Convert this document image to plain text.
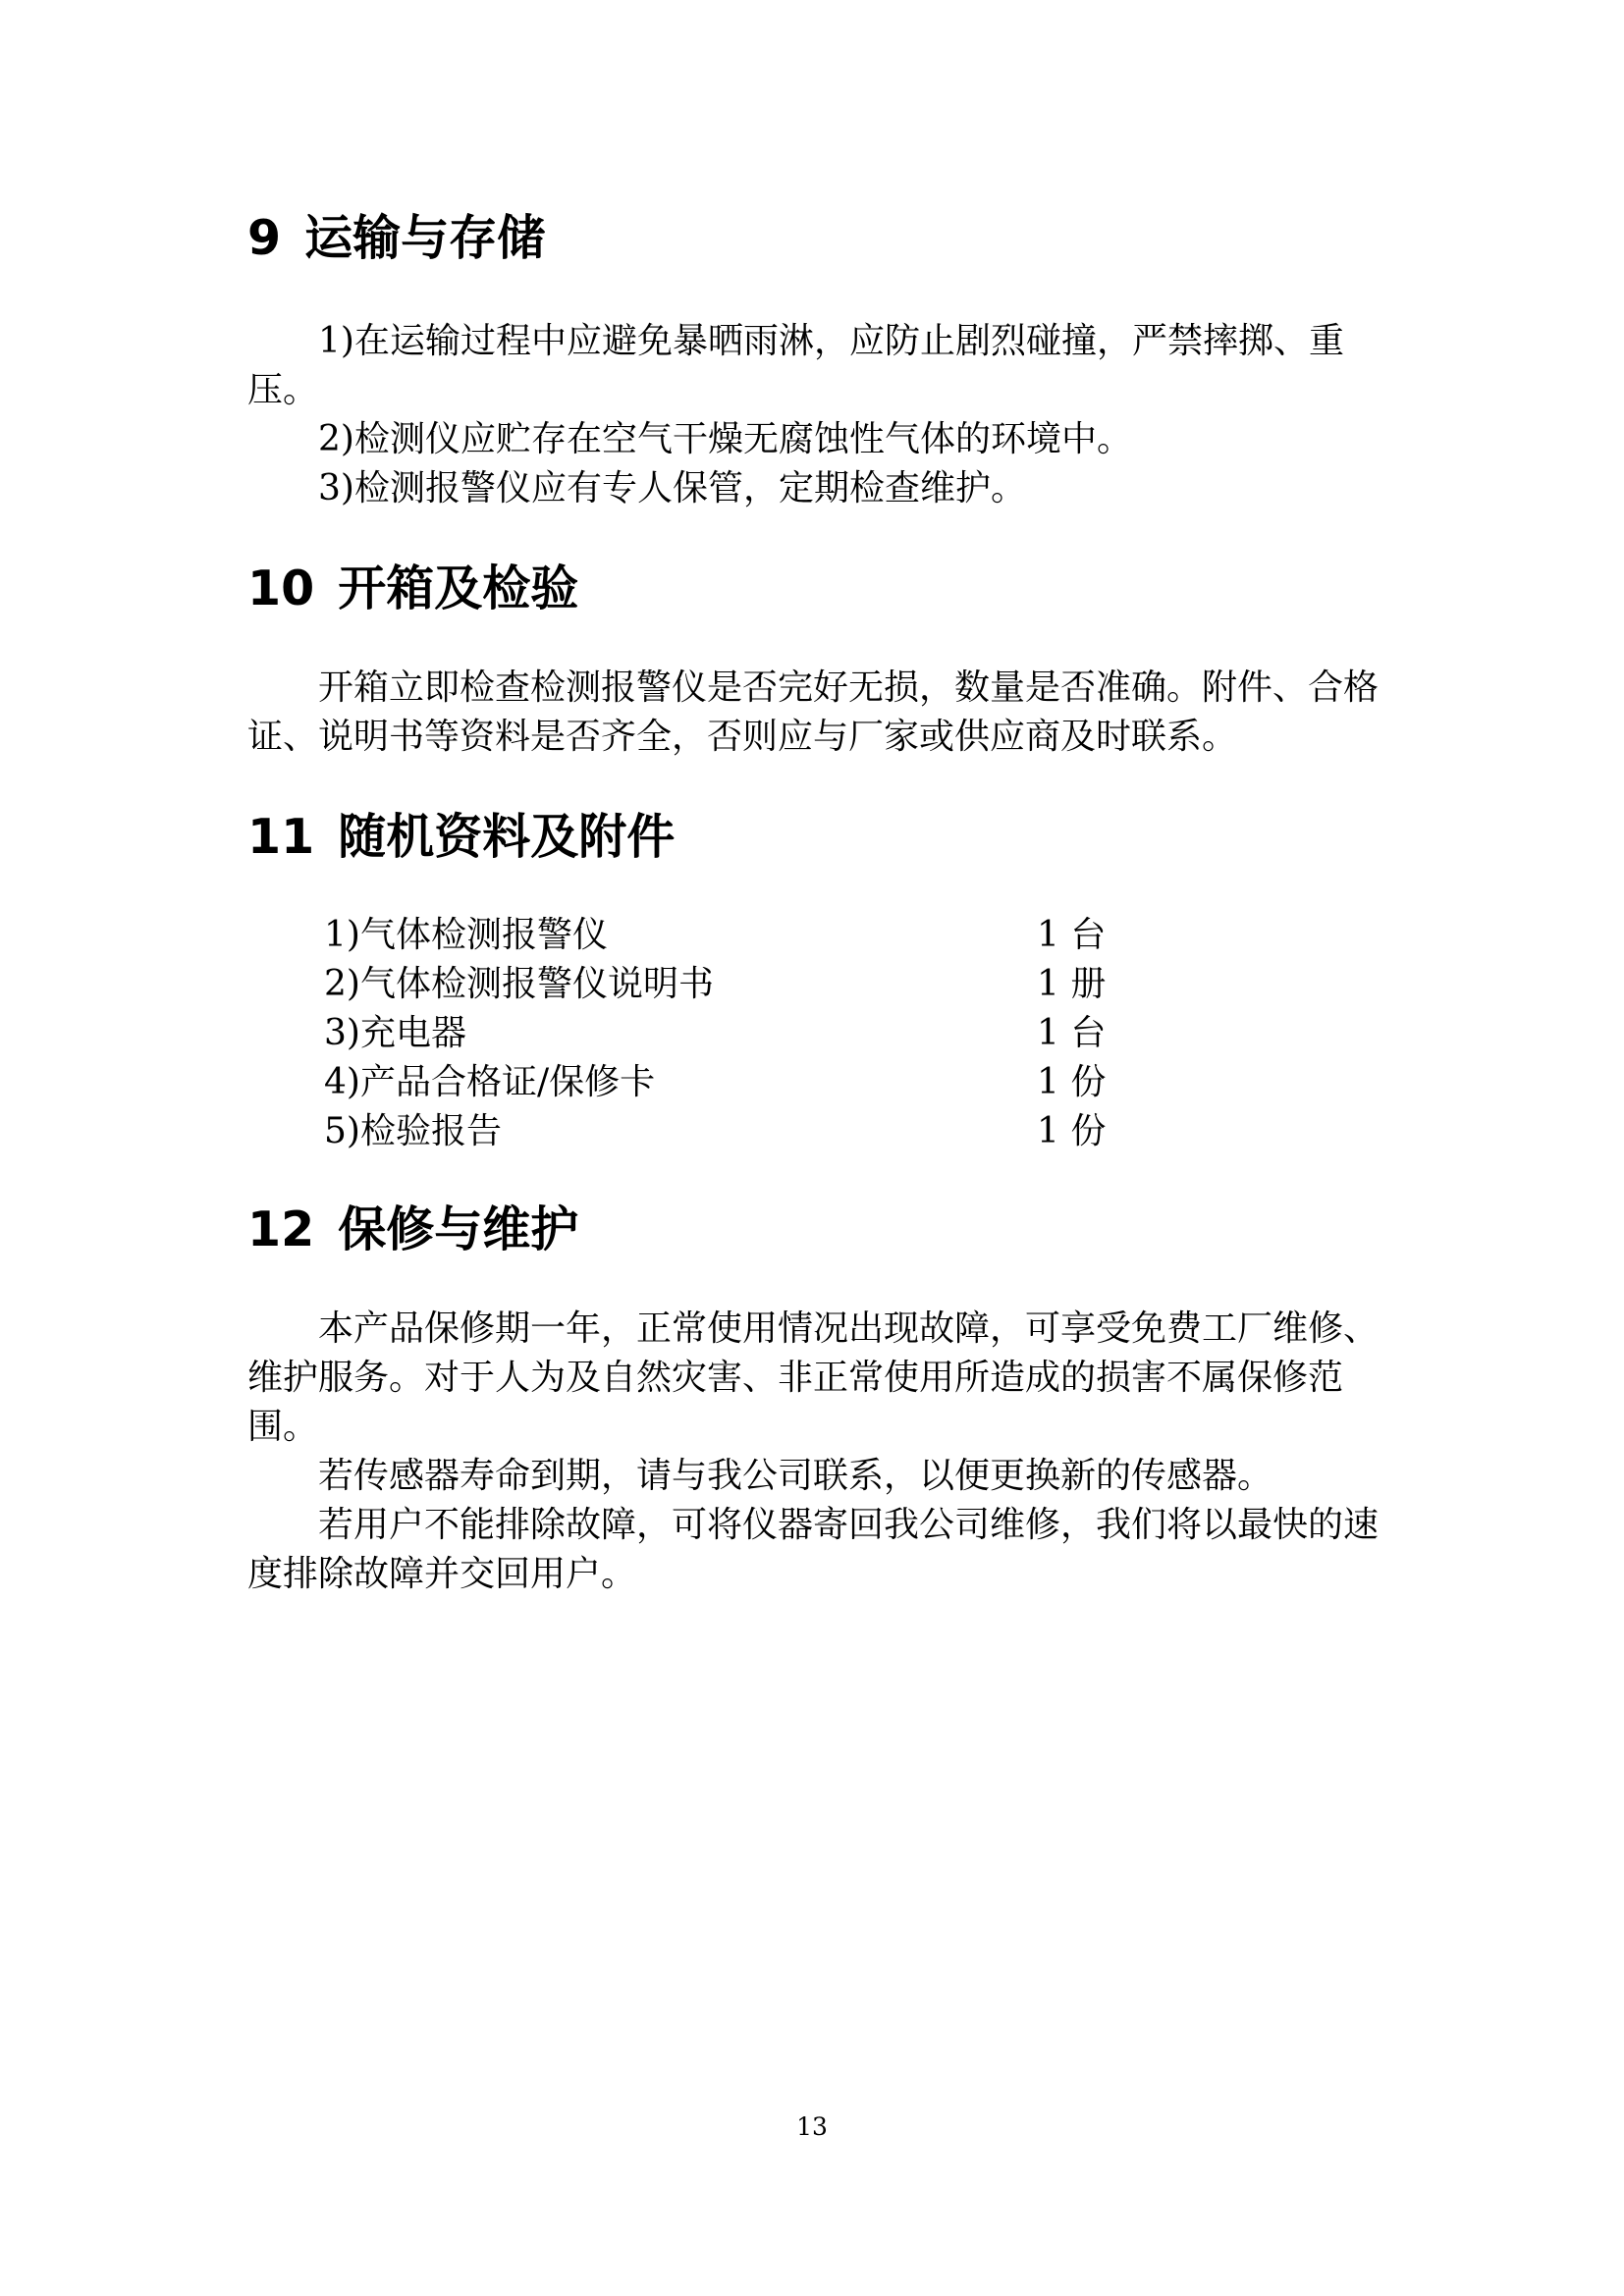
9 运输与存储

1)在运输过程中应避免暴晒雨淋，应防止剧烈碰撞，严禁摔掷、重压。

2)检测仪应贮存在空气干燥无腐蚀性气体的环境中。

3)检测报警仪应有专人保管，定期检查维护。

10 开箱及检验

开箱立即检查检测报警仪是否完好无损，数量是否准确。附件、合格证、说明书等资料是否齐全，否则应与厂家或供应商及时联系。

11 随机资料及附件
1)气体检测报警仪	1 台
2)气体检测报警仪说明书	1 册
3)充电器	1 台
4)产品合格证/保修卡	1 份
5)检验报告	1 份
12 保修与维护

本产品保修期一年，正常使用情况出现故障，可享受免费工厂维修、维护服务。对于人为及自然灾害、非正常使用所造成的损害不属保修范围。

若传感器寿命到期，请与我公司联系，以便更换新的传感器。

若用户不能排除故障，可将仪器寄回我公司维修，我们将以最快的速度排除故障并交回用户。

13
